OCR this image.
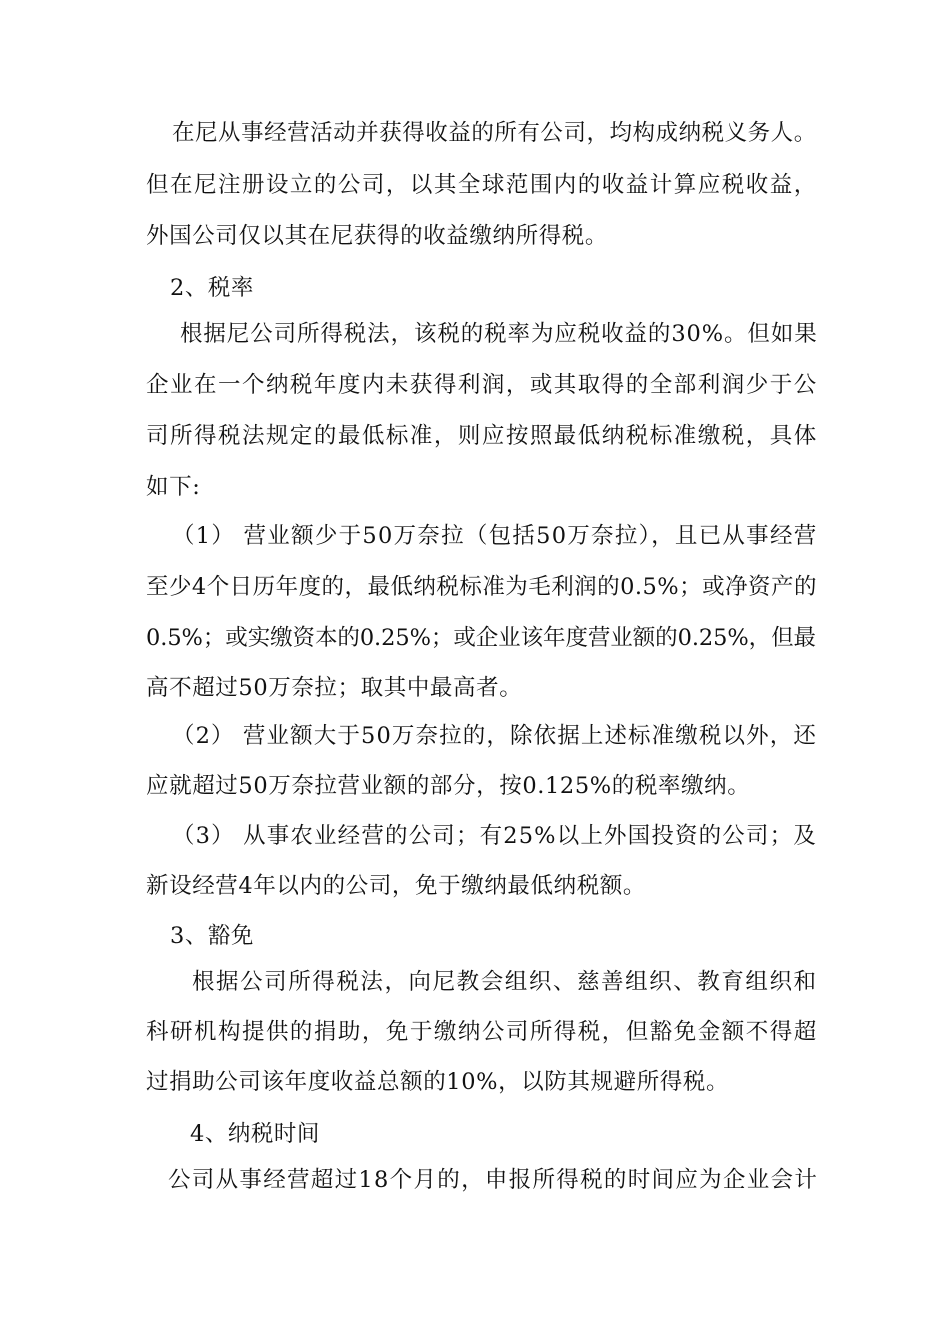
在尼从事经营活动并获得收益的所有公司，均构成纳税义务人。
但在尼注册设立的公司，以其全球范围内的收益计算应税收益，
外国公司仅以其在尼获得的收益缴纳所得税。
2、税率
根据尼公司所得税法，该税的税率为应税收益的30%。但如果
企业在一个纳税年度内未获得利润，或其取得的全部利润少于公
司所得税法规定的最低标准，则应按照最低纳税标准缴税，具体
如下:
（1） 营业额少于50万奈拉（包括50万奈拉），且已从事经营
至少4个日历年度的，最低纳税标准为毛利润的0.5%；或净资产的
0.5%；或实缴资本的0.25%；或企业该年度营业额的0.25%，但最
高不超过50万奈拉；取其中最高者。
（2） 营业额大于50万奈拉的，除依据上述标准缴税以外，还
应就超过50万奈拉营业额的部分，按0.125%的税率缴纳。
（3） 从事农业经营的公司；有25%以上外国投资的公司；及
新设经营4年以内的公司，免于缴纳最低纳税额。
3、豁免
根据公司所得税法，向尼教会组织、慈善组织、教育组织和
科研机构提供的捐助，免于缴纳公司所得税，但豁免金额不得超
过捐助公司该年度收益总额的10%，以防其规避所得税。
4、纳税时间
公司从事经营超过18个月的，申报所得税的时间应为企业会计
